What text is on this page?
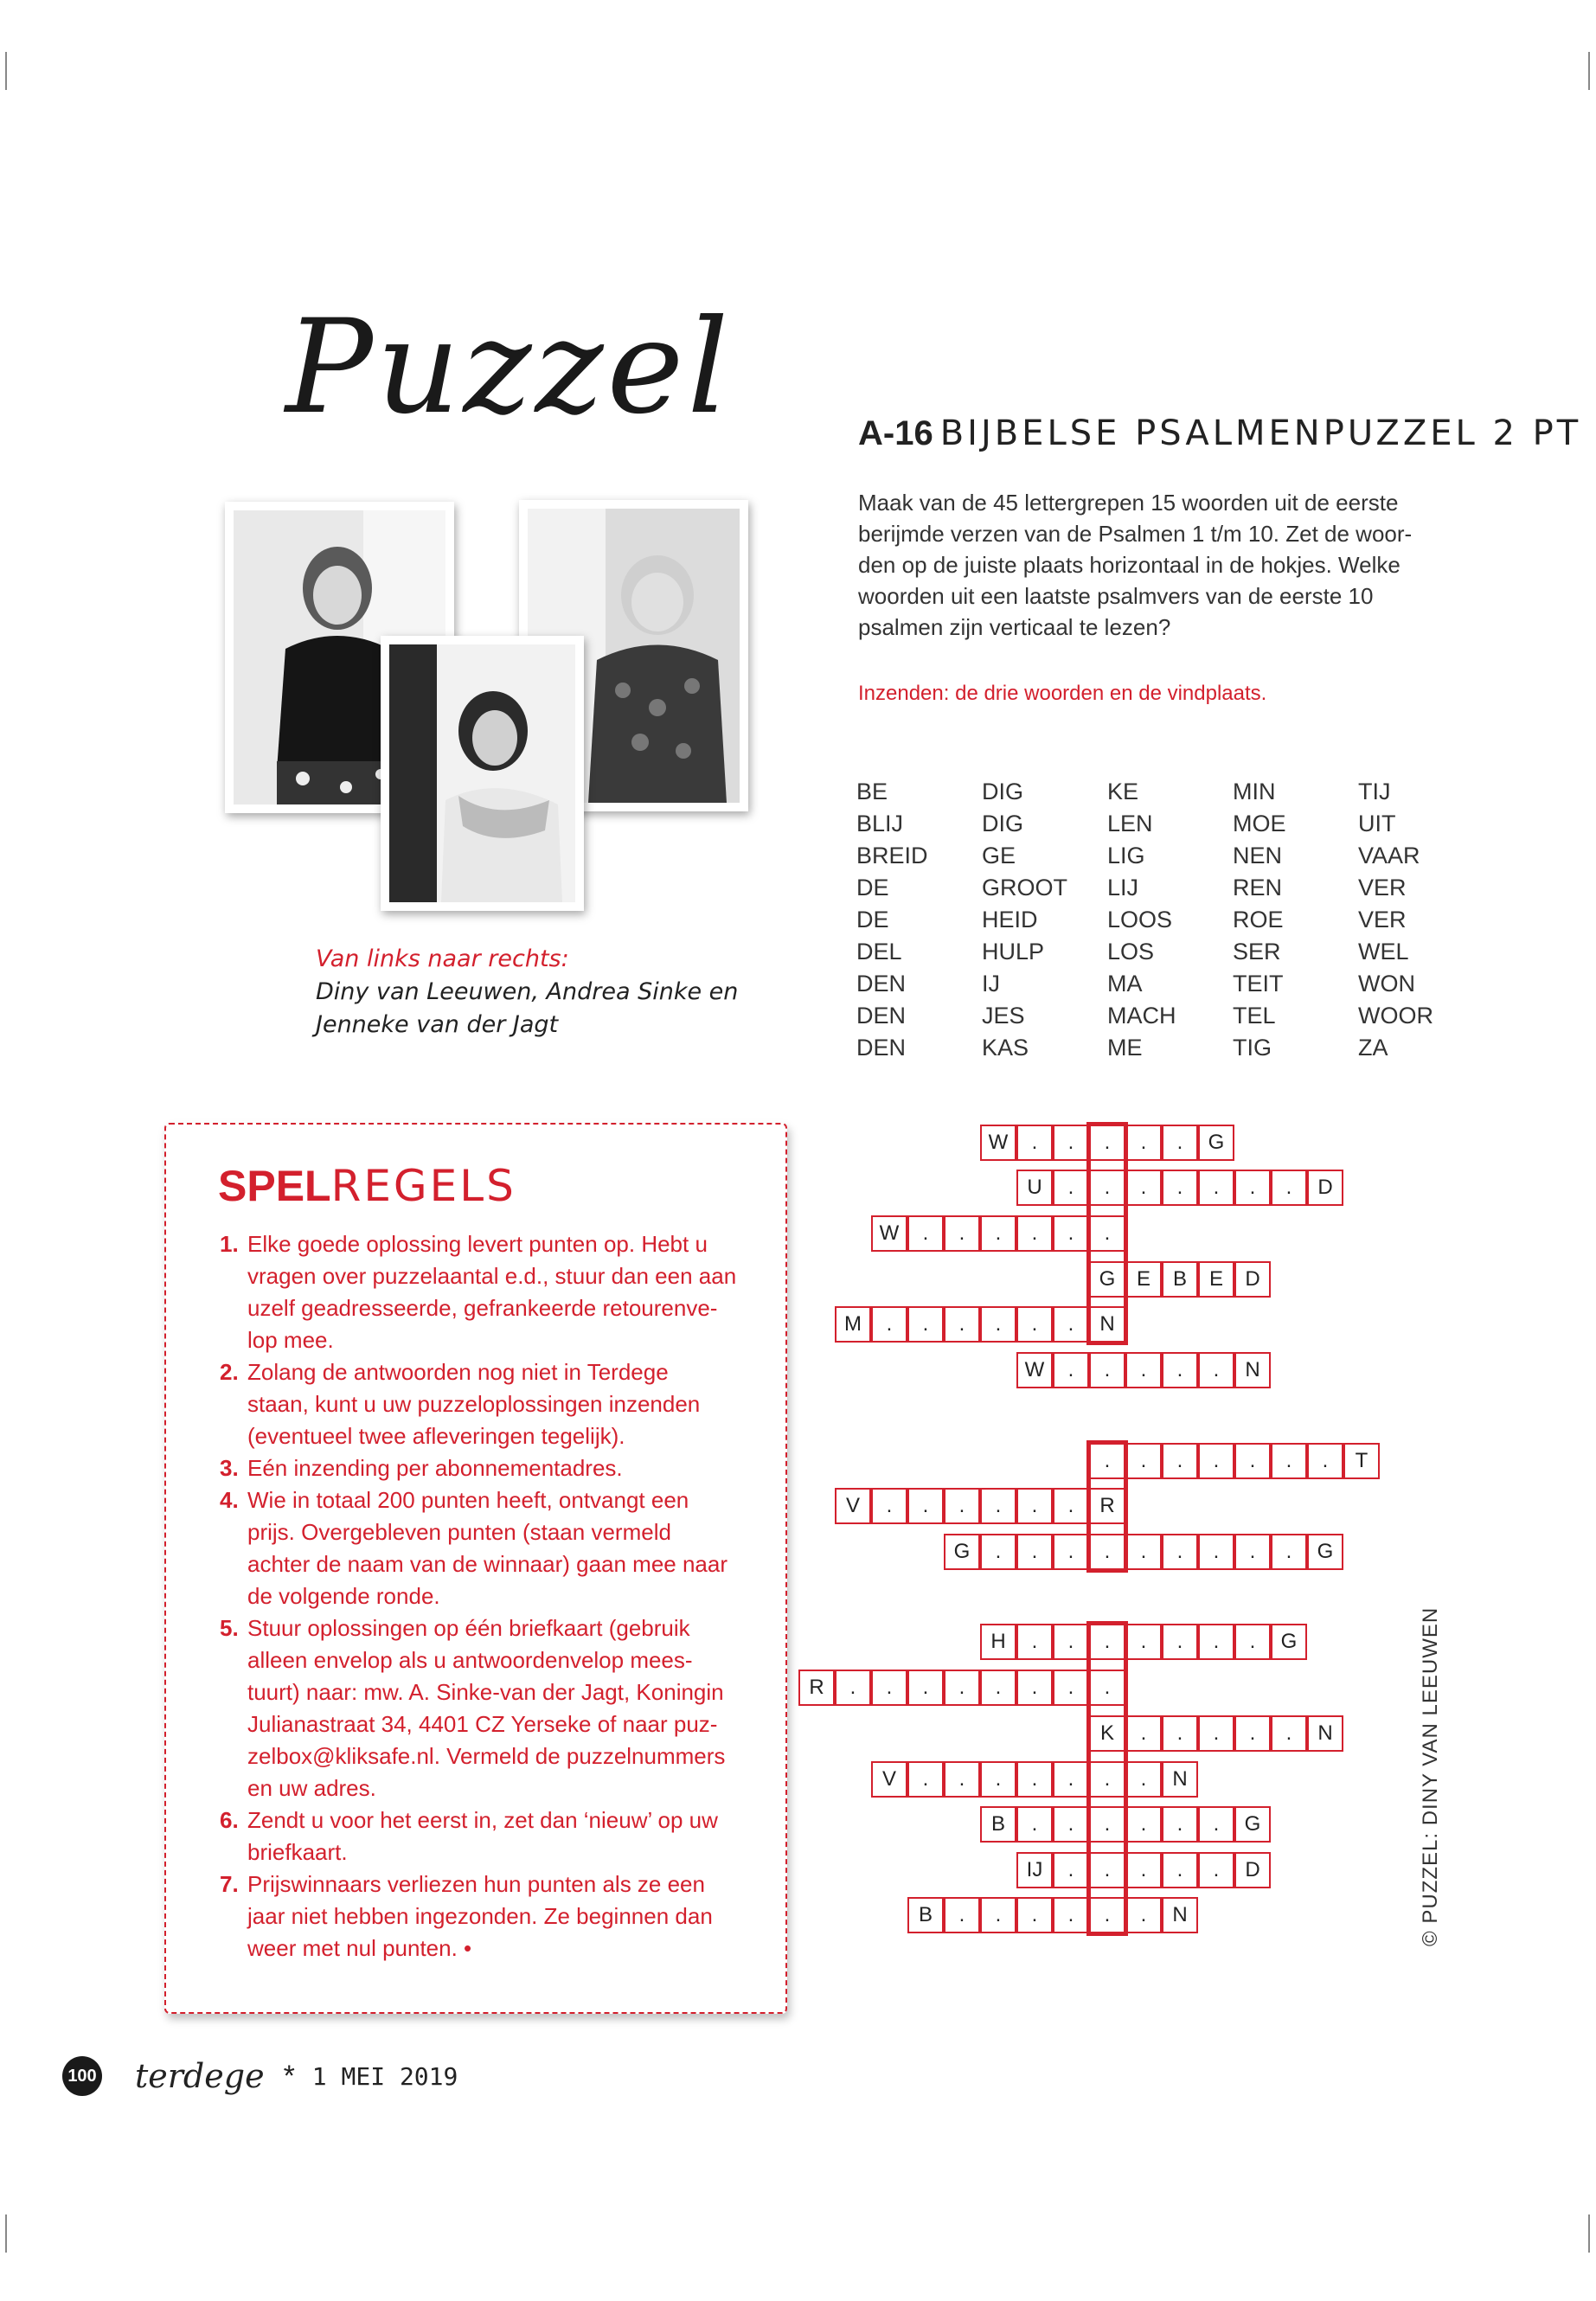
Puzzel
Van links naar rechts:
Diny van Leeuwen, Andrea Sinke en
Jenneke van der Jagt
A-16 BIJBELSE PSALMENPUZZEL 2 PT
Maak van de 45 lettergrepen 15 woorden uit de eerste
berijmde verzen van de Psalmen 1 t/m 10. Zet de woor-
den op de juiste plaats horizontaal in de hokjes. Welke
woorden uit een laatste psalmvers van de eerste 10
psalmen zijn verticaal te lezen?
Inzenden: de drie woorden en de vindplaats.
BE	DIG	KE	MIN	TIJ
BLIJ	DIG	LEN	MOE	UIT
BREID	GE	LIG	NEN	VAAR
DE	GROOT	LIJ	REN	VER
DE	HEID	LOOS	ROE	VER
DEL	HULP	LOS	SER	WEL
DEN	IJ	MA	TEIT	WON
DEN	JES	MACH	TEL	WOOR
DEN	KAS	ME	TIG	ZA
SPELREGELS
1. Elke goede oplossing levert punten op. Hebt u
vragen over puzzelaantal e.d., stuur dan een aan
uzelf geadresseerde, gefrankeerde retourenve-
lop mee.
2. Zolang de antwoorden nog niet in Terdege
staan, kunt u uw puzzeloplossingen inzenden
(eventueel twee afleveringen tegelijk).
3. Eén inzending per abonnementadres.
4. Wie in totaal 200 punten heeft, ontvangt een
prijs. Overgebleven punten (staan vermeld
achter de naam van de winnaar) gaan mee naar
de volgende ronde.
5. Stuur oplossingen op één briefkaart (gebruik
alleen envelop als u antwoordenvelop mees-
tuurt) naar: mw. A. Sinke-van der Jagt, Koningin
Julianastraat 34, 4401 CZ Yerseke of naar puz-
zelbox@kliksafe.nl. Vermeld de puzzelnummers
en uw adres.
6. Zendt u voor het eerst in, zet dan ‘nieuw’ op uw
briefkaart.
7. Prijswinnaars verliezen hun punten als ze een
jaar niet hebben ingezonden. Ze beginnen dan
weer met nul punten. •
W	.	.	.	.	.	G
U	.	.	.	.	.	.	.	D
W	.	.	.	.	.	.
G	E	B	E	D
M	.	.	.	.	.	.	N
W	.	.	.	.	.	N
.	.	.	.	.	.	.	T
V	.	.	.	.	.	.	R
G	.	.	.	.	.	.	.	.	.	G
H	.	.	.	.	.	.	.	G
R	.	.	.	.	.	.	.	.
K	.	.	.	.	.	N
V	.	.	.	.	.	.	.	N
B	.	.	.	.	.	.	G
IJ	.	.	.	.	.	D
B	.	.	.	.	.	.	N	© PUZZEL: DINY VAN LEEUWEN
100 terdege * 1 MEI 2019
